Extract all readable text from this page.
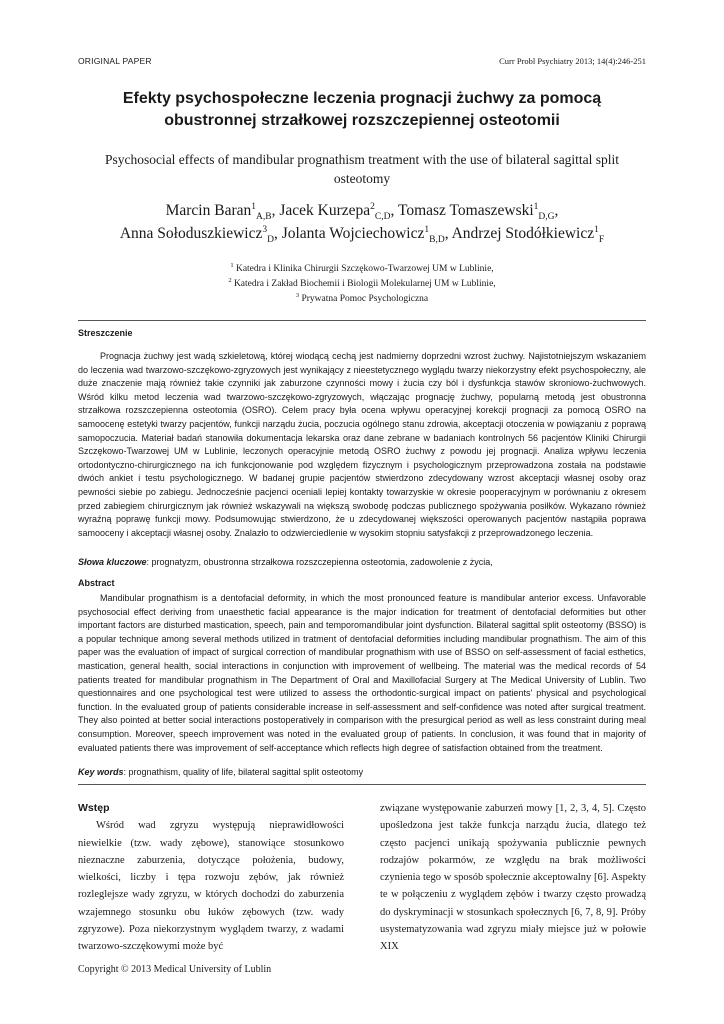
ORIGINAL PAPER	Curr Probl Psychiatry 2013; 14(4):246-251
Efekty psychospołeczne leczenia prognacji żuchwy za pomocą obustronnej strzałkowej rozszczepiennej osteotomii
Psychosocial effects of mandibular prognathism treatment with the use of bilateral sagittal split osteotomy
Marcin Baran$^1_{A,B}$, Jacek Kurzepa$^2_{C,D}$, Tomasz Tomaszewski$^1_{D,G}$,
Anna Sołoduszkiewicz$^3_D$, Jolanta Wojciechowicz$^1_{B,D}$, Andrzej Stodółkiewicz$^1_F$
$^1$ Katedra i Klinika Chirurgii Szczękowo-Twarzowej UM w Lublinie,
$^2$ Katedra i Zakład Biochemii i Biologii Molekularnej UM w Lublinie,
$^3$ Prywatna Pomoc Psychologiczna
Streszczenie

Prognacja żuchwy jest wadą szkieletową, której wiodącą cechą jest nadmierny doprzedni wzrost żuchwy. Najistotniejszym wskazaniem do leczenia wad twarzowo-szczękowo-zgryzowych jest wynikający z nieestetycznego wyglądu twarzy niekorzystny efekt psychospołeczny, ale duże znaczenie mają również takie czynniki jak zaburzone czynności mowy i żucia czy ból i dysfunkcja stawów skroniowo-żuchwowych. Wśród kilku metod leczenia wad twarzowo-szczękowo-zgryzowych, włączając prognację żuchwy, popularną metodą jest obustronna strzałkowa rozszczepienna osteotomia (OSRO). Celem pracy była ocena wpływu operacyjnej korekcji prognacji za pomocą OSRO na samoocenę estetyki twarzy pacjentów, funkcji narządu żucia, poczucia ogólnego stanu zdrowia, akceptacji otoczenia w powiązaniu z poprawą samopoczucia. Materiał badań stanowiła dokumentacja lekarska oraz dane zebrane w badaniach kontrolnych 56 pacjentów Kliniki Chirurgii Szczękowo-Twarzowej UM w Lublinie, leczonych operacyjnie metodą OSRO żuchwy z powodu jej prognacji. Analiza wpływu leczenia ortodontyczno-chirurgicznego na ich funkcjonowanie pod względem fizycznym i psychologicznym przeprowadzona została na podstawie dwóch ankiet i testu psychologicznego. W badanej grupie pacjentów stwierdzono zdecydowany wzrost akceptacji własnej osoby oraz pewności siebie po zabiegu. Jednocześnie pacjenci oceniali lepiej kontakty towarzyskie w okresie pooperacyjnym w porównaniu z okresem przed zabiegiem chirurgicznym jak również wskazywali na większą swobodę podczas publicznego spożywania posiłków. Wykazano również wyraźną poprawę funkcji mowy. Podsumowując stwierdzono, że u zdecydowanej większości operowanych pacjentów nastąpiła poprawa samooceny i akceptacji własnej osoby. Znalazło to odzwierciedlenie w wysokim stopniu satysfakcji z przeprowadzonego leczenia.

Słowa kluczowe: prognatyzm, obustronna strzałkowa rozszczepienna osteotomia, zadowolenie z życia,
Abstract

Mandibular prognathism is a dentofacial deformity, in which the most pronounced feature is mandibular anterior excess. Unfavorable psychosocial effect deriving from unaesthetic facial appearance is the major indication for treatment of dentofacial deformities but other important factors are disturbed mastication, speech, pain and temporomandibular joint dysfunction. Bilateral sagittal split osteotomy (BSSO) is a popular technique among several methods utilized in tratment of dentofacial deformities including mandibular prognathism. The aim of this paper was the evaluation of impact of surgical correction of mandibular prognathism with use of BSSO on self-assessment of facial esthetics, mastication, general health, social interactions in conjunction with improvement of wellbeing. The material was the medical records of 54 patients treated for mandibular prognathism in The Department of Oral and Maxillofacial Surgery at The Medical University of Lublin. Two questionnaires and one psychological test were utilized to assess the orthodontic-surgical impact on patients' physical and psychological function. In the evaluated group of patients considerable increase in self-assessment and self-confidence was noted after surgical treatment. They also pointed at better social interactions postoperatively in comparison with the presurgical period as well as less constraint during meal consumption. Moreover, speech improvement was noted in the evaluated group of patients. In conclusion, it was found that in majority of evaluated patients there was improvement of self-acceptance which reflects high degree of satisfaction obtained from the treatment.

Key words: prognathism, quality of life, bilateral sagittal split osteotomy
Wstęp

Wśród wad zgryzu występują nieprawidłowości niewielkie (tzw. wady zębowe), stanowiące stosunkowo nieznaczne zaburzenia, dotyczące położenia, budowy, wielkości, liczby i tępa rozwoju zębów, jak również rozleglejsze wady zgryzu, w których dochodzi do zaburzenia wzajemnego stosunku obu łuków zębowych (tzw. wady zgryzowe). Poza niekorzystnym wyglądem twarzy, z wadami twarzowo-szczękowymi może być

związane występowanie zaburzeń mowy [1, 2, 3, 4, 5]. Często upośledzona jest także funkcja narządu żucia, dlatego też często pacjenci unikają spożywania publicznie pewnych rodzajów pokarmów, ze względu na brak możliwości czynienia tego w sposób społecznie akceptowalny [6]. Aspekty te w połączeniu z wyglądem zębów i twarzy często prowadzą do dyskryminacji w stosunkach społecznych [6, 7, 8, 9]. Próby usystematyzowania wad zgryzu miały miejsce już w połowie XIX

Copyright © 2013 Medical University of Lublin
